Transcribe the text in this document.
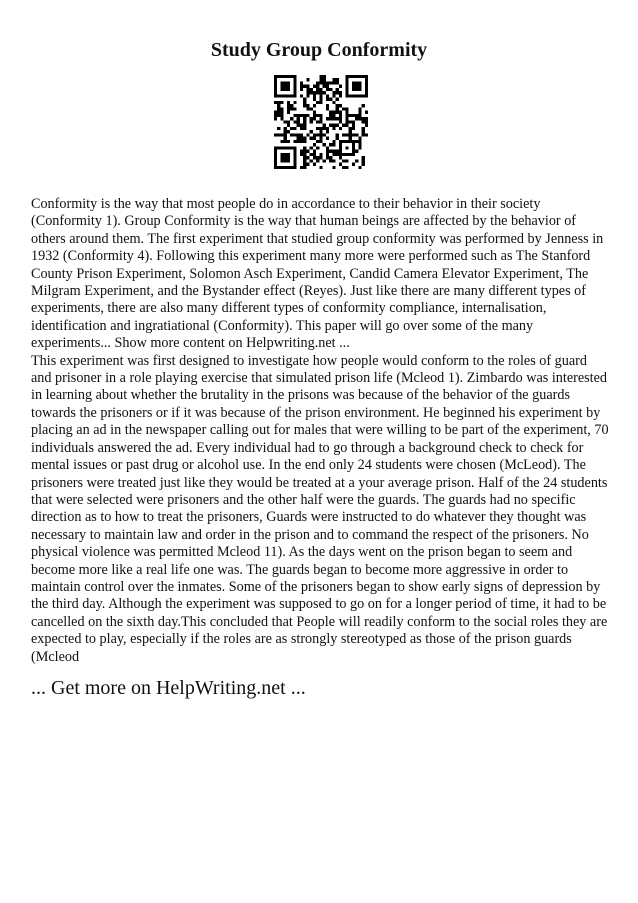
Study Group Conformity

Conformity is the way that most people do in accordance to their behavior in their society (Conformity 1). Group Conformity is the way that human beings are affected by the behavior of others around them. The first experiment that studied group conformity was performed by Jenness in 1932 (Conformity 4). Following this experiment many more were performed such as The Stanford County Prison Experiment, Solomon Asch Experiment, Candid Camera Elevator Experiment, The Milgram Experiment, and the Bystander effect (Reyes). Just like there are many different types of experiments, there are also many different types of conformity compliance, internalisation, identification and ingratiational (Conformity). This paper will go over some of the many experiments... Show more content on Helpwriting.net ...

This experiment was first designed to investigate how people would conform to the roles of guard and prisoner in a role playing exercise that simulated prison life (Mcleod 1). Zimbardo was interested in learning about whether the brutality in the prisons was because of the behavior of the guards towards the prisoners or if it was because of the prison environment. He beginned his experiment by placing an ad in the newspaper calling out for males that were willing to be part of the experiment, 70 individuals answered the ad. Every individual had to go through a background check to check for mental issues or past drug or alcohol use. In the end only 24 students were chosen (McLeod). The prisoners were treated just like they would be treated at a your average prison. Half of the 24 students that were selected were prisoners and the other half were the guards. The guards had no specific direction as to how to treat the prisoners, Guards were instructed to do whatever they thought was necessary to maintain law and order in the prison and to command the respect of the prisoners. No physical violence was permitted Mcleod 11). As the days went on the prison began to seem and become more like a real life one was. The guards began to become more aggressive in order to maintain control over the inmates. Some of the prisoners began to show early signs of depression by the third day. Although the experiment was supposed to go on for a longer period of time, it had to be cancelled on the sixth day.This concluded that People will readily conform to the social roles they are expected to play, especially if the roles are as strongly stereotyped as those of the prison guards (Mcleod

... Get more on HelpWriting.net ...
